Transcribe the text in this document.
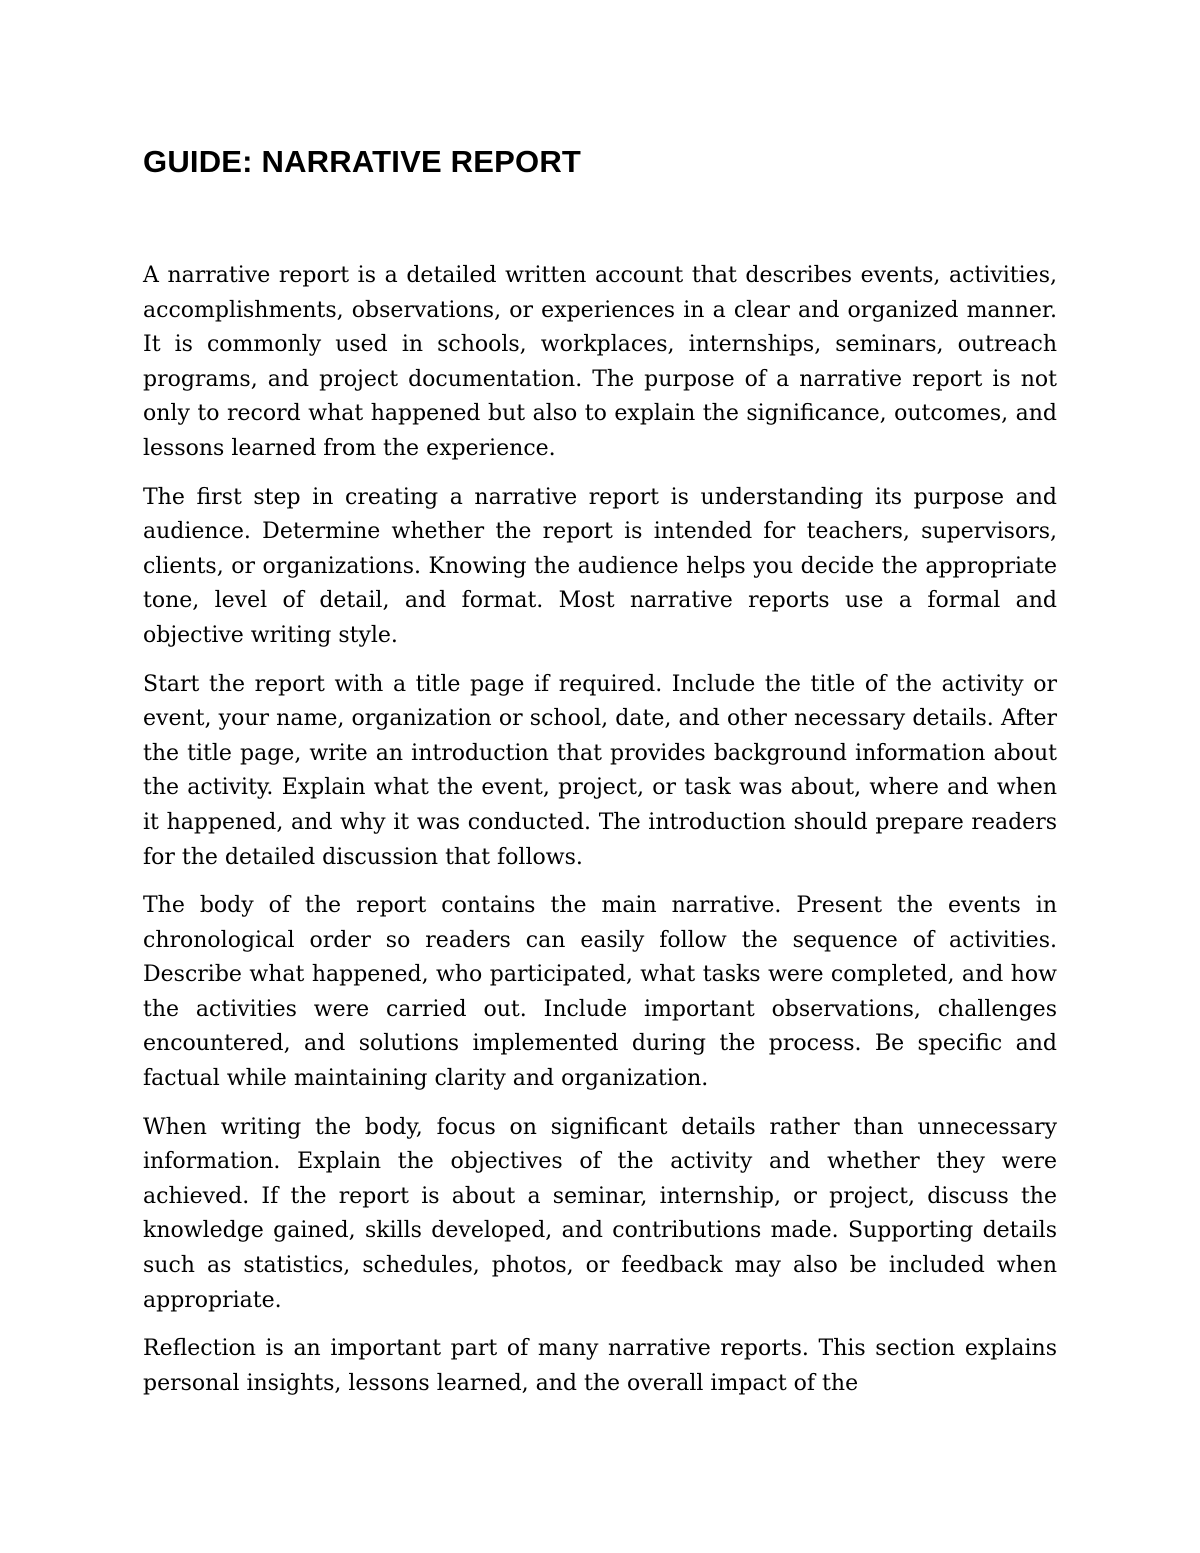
GUIDE: NARRATIVE REPORT

A narrative report is a detailed written account that describes events, activities, accomplishments, observations, or experiences in a clear and organized manner. It is commonly used in schools, workplaces, internships, seminars, outreach programs, and project documentation. The purpose of a narrative report is not only to record what happened but also to explain the significance, outcomes, and lessons learned from the experience.

The first step in creating a narrative report is understanding its purpose and audience. Determine whether the report is intended for teachers, supervisors, clients, or organizations. Knowing the audience helps you decide the appropriate tone, level of detail, and format. Most narrative reports use a formal and objective writing style.

Start the report with a title page if required. Include the title of the activity or event, your name, organization or school, date, and other necessary details. After the title page, write an introduction that provides background information about the activity. Explain what the event, project, or task was about, where and when it happened, and why it was conducted. The introduction should prepare readers for the detailed discussion that follows.

The body of the report contains the main narrative. Present the events in chronological order so readers can easily follow the sequence of activities. Describe what happened, who participated, what tasks were completed, and how the activities were carried out. Include important observations, challenges encountered, and solutions implemented during the process. Be specific and factual while maintaining clarity and organization.

When writing the body, focus on significant details rather than unnecessary information. Explain the objectives of the activity and whether they were achieved. If the report is about a seminar, internship, or project, discuss the knowledge gained, skills developed, and contributions made. Supporting details such as statistics, schedules, photos, or feedback may also be included when appropriate.

Reflection is an important part of many narrative reports. This section explains personal insights, lessons learned, and the overall impact of the
